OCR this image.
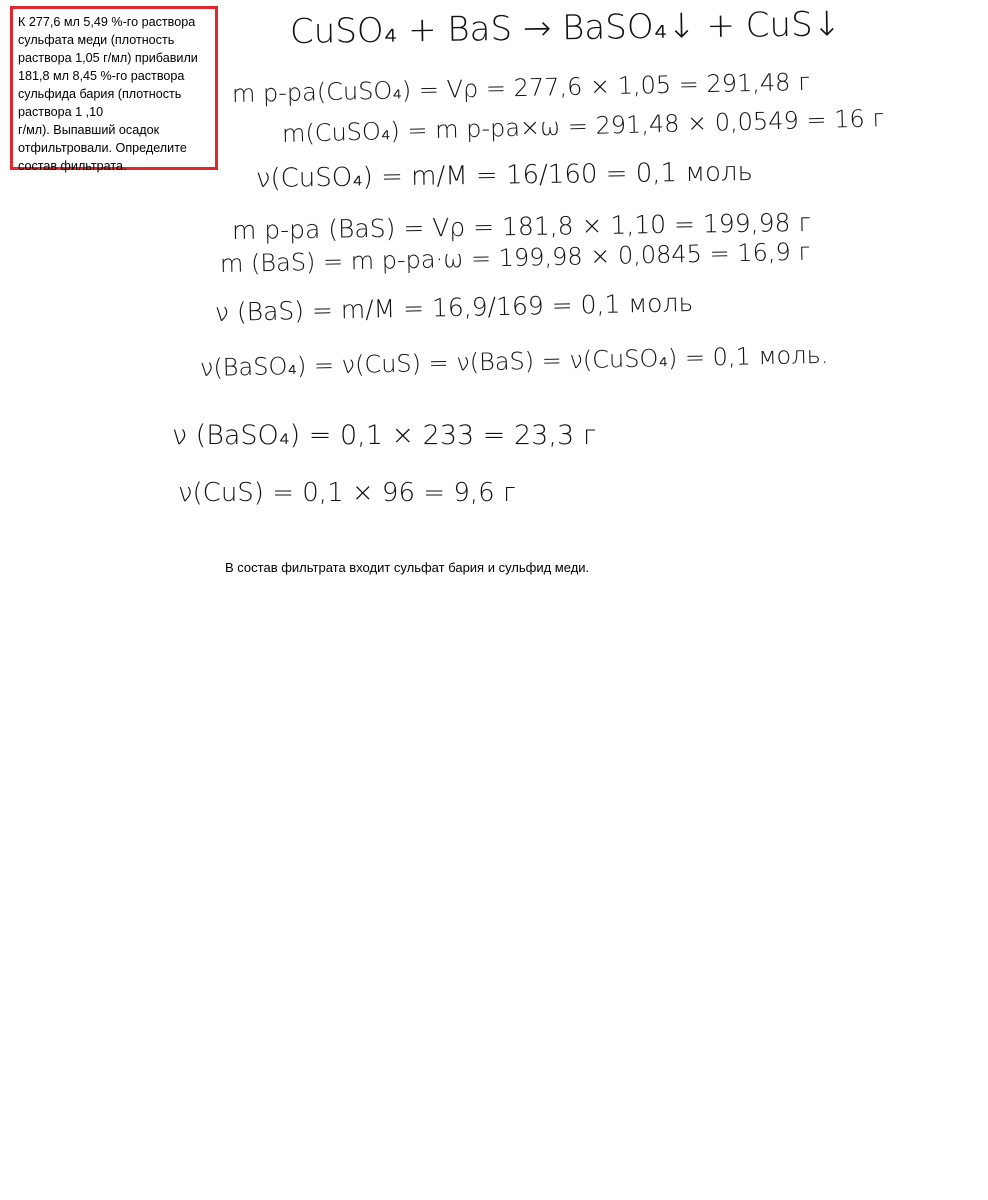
К 277,6 мл 5,49 %-го раствора

сульфата меди (плотность

раствора 1,05 г/мл) прибавили

181,8 мл 8,45 %-го раствора

сульфида бария (плотность

раствора 1 ,10

г/мл). Выпавший осадок

отфильтровали. Определите

состав фильтрата.

CuSO₄ + BaS → BaSO₄↓ + CuS↓
m р-ра(CuSO₄) = Vρ = 277,6 × 1,05 = 291,48 г
m(CuSO₄) = m р-ра×ω = 291,48 × 0,0549 = 16 г
ν(CuSO₄) = m/M = 16/160 = 0,1 моль
m р-ра (BaS) = Vρ = 181,8 × 1,10 = 199,98 г
m (BaS) = m р-ра·ω = 199,98 × 0,0845 = 16,9 г
ν (BaS) = m/M = 16,9/169 = 0,1 моль
ν(BaSO₄) = ν(CuS) = ν(BaS) = ν(CuSO₄) = 0,1 моль.
ν (BaSO₄) = 0,1 × 233 = 23,3 г
ν(CuS) = 0,1 × 96 = 9,6 г
В состав фильтрата входит сульфат бария и сульфид меди.
